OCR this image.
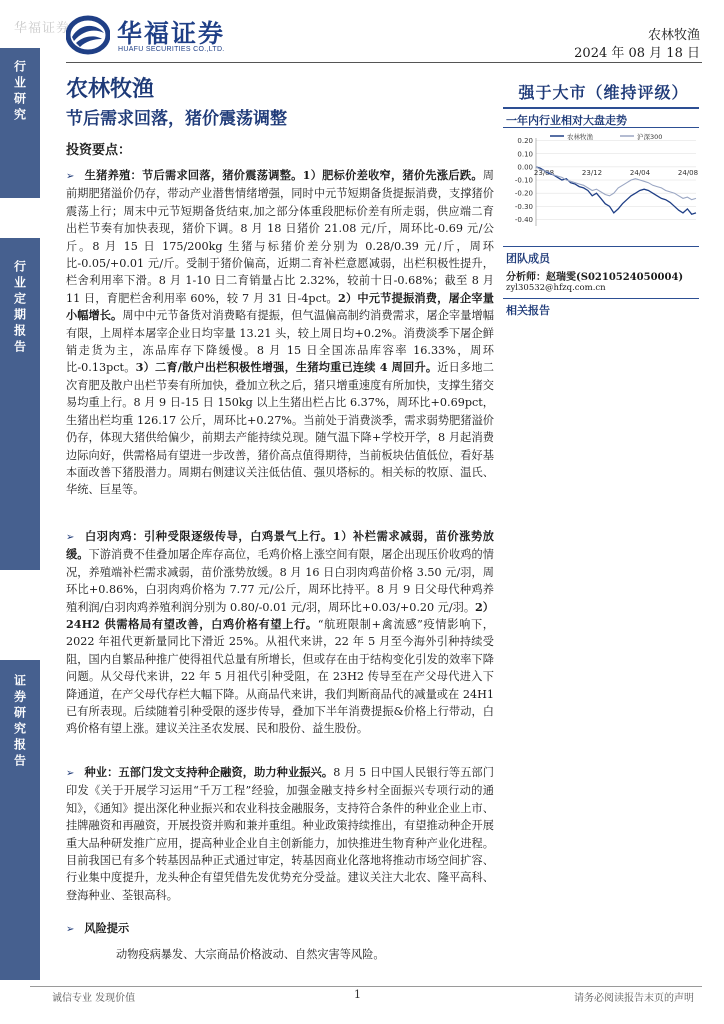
华福证券 华福证券
HUAFU SECURITIES CO.,LTD.
农林牧渔
2024 年 08 月 18 日
行业研究
行业定期报告
证券研究报告
农林牧渔
节后需求回落，猪价震荡调整
投资要点：
➢ 生猪养殖：节后需求回落，猪价震荡调整。1）肥标价差收窄，猪价先涨后跌。周前期肥猪溢价仍存，带动产业潜售情绪增强，同时中元节短期备货提振消费，支撑猪价震荡上行；周末中元节短期备货结束,加之部分体重段肥标价差有所走弱，供应端二育出栏节奏有加快表现，猪价下调。8 月 18 日猪价 21.08 元/斤，周环比-0.69 元/公斤。8 月 15 日 175/200kg 生猪与标猪价差分别为 0.28/0.39 元/斤，周环比-0.05/+0.01 元/斤。受制于猪价偏高，近期二育补栏意愿减弱，出栏积极性提升，栏舍利用率下滑。8 月 1-10 日二育销量占比 2.32%，较前十日-0.68%；截至 8 月 11 日，育肥栏舍利用率 60%，较 7 月 31 日-4pct。2）中元节提振消费，屠企宰量小幅增长。周中中元节备货对消费略有提振，但气温偏高制约消费需求，屠企宰量增幅有限，上周样本屠宰企业日均宰量 13.21 头，较上周日均+0.2%。消费淡季下屠企鲜销走货为主，冻品库存下降缓慢。8 月 15 日全国冻品库容率 16.33%，周环比-0.13pct。3）二育/散户出栏积极性增强，生猪均重已连续 4 周回升。近日多地二次育肥及散户出栏节奏有所加快，叠加立秋之后，猪只增重速度有所加快，支撑生猪交易均重上行。8 月 9 日-15 日 150kg 以上生猪出栏占比 6.37%，周环比+0.69pct，生猪出栏均重 126.17 公斤，周环比+0.27%。当前处于消费淡季，需求弱势肥猪溢价仍存，体现大猪供给偏少，前期去产能持续兑现。随气温下降+学校开学，8 月起消费边际向好，供需格局有望进一步改善，猪价高点值得期待，当前板块估值低位，看好基本面改善下猪股潜力。周期右侧建议关注低估值、强贝塔标的。相关标的牧原、温氏、华统、巨星等。
➢ 白羽肉鸡：引种受限逐级传导，白鸡景气上行。1）补栏需求减弱，苗价涨势放缓。下游消费不佳叠加屠企库存高位，毛鸡价格上涨空间有限，屠企出现压价收鸡的情况，养殖端补栏需求减弱，苗价涨势放缓。8 月 16 日白羽肉鸡苗价格 3.50 元/羽，周环比+0.86%，白羽肉鸡价格为 7.77 元/公斤，周环比持平。8 月 9 日父母代种鸡养殖利润/白羽肉鸡养殖利润分别为 0.80/-0.01 元/羽，周环比+0.03/+0.20 元/羽。2）24H2 供需格局有望改善，白鸡价格有望上行。“航班限制+禽流感”疫情影响下，2022 年祖代更新量同比下滑近 25%。从祖代来讲，22 年 5 月至今海外引种持续受阻，国内自繁品种推广使得祖代总量有所增长，但或存在由于结构变化引发的效率下降问题。从父母代来讲，22 年 5 月祖代引种受阻，在 23H2 传导至在产父母代进入下降通道，在产父母代存栏大幅下降。从商品代来讲，我们判断商品代的减量或在 24H1 已有所表现。后续随着引种受限的逐步传导，叠加下半年消费提振&价格上行带动，白鸡价格有望上涨。建议关注圣农发展、民和股份、益生股份。
➢ 种业：五部门发文支持种企融资，助力种业振兴。8 月 5 日中国人民银行等五部门印发《关于开展学习运用“千万工程”经验，加强金融支持乡村全面振兴专项行动的通知》，《通知》提出深化种业振兴和农业科技金融服务，支持符合条件的种业企业上市、挂牌融资和再融资，开展投资并购和兼并重组。种业政策持续推出，有望推动种企开展重大品种研发推广应用，提高种业企业自主创新能力，加快推进生物育种产业化进程。目前我国已有多个转基因品种正式通过审定，转基因商业化落地将推动市场空间扩容、行业集中度提升，龙头种企有望凭借先发优势充分受益。建议关注大北农、隆平高科、登海种业、荃银高科。
➢ 风险提示
动物疫病暴发、大宗商品价格波动、自然灾害等风险。
强于大市（维持评级）
一年内行业相对大盘走势
0.20
0.10
0.00
-0.10
-0.20
-0.30
-0.40
23/08	23/12	24/04	24/08
农林牧渔	沪深300
团队成员
分析师：赵瑞雯(S0210524050004)
zyl30532@hfzq.com.cn
相关报告
诚信专业 发现价值	1	请务必阅读报告末页的声明
